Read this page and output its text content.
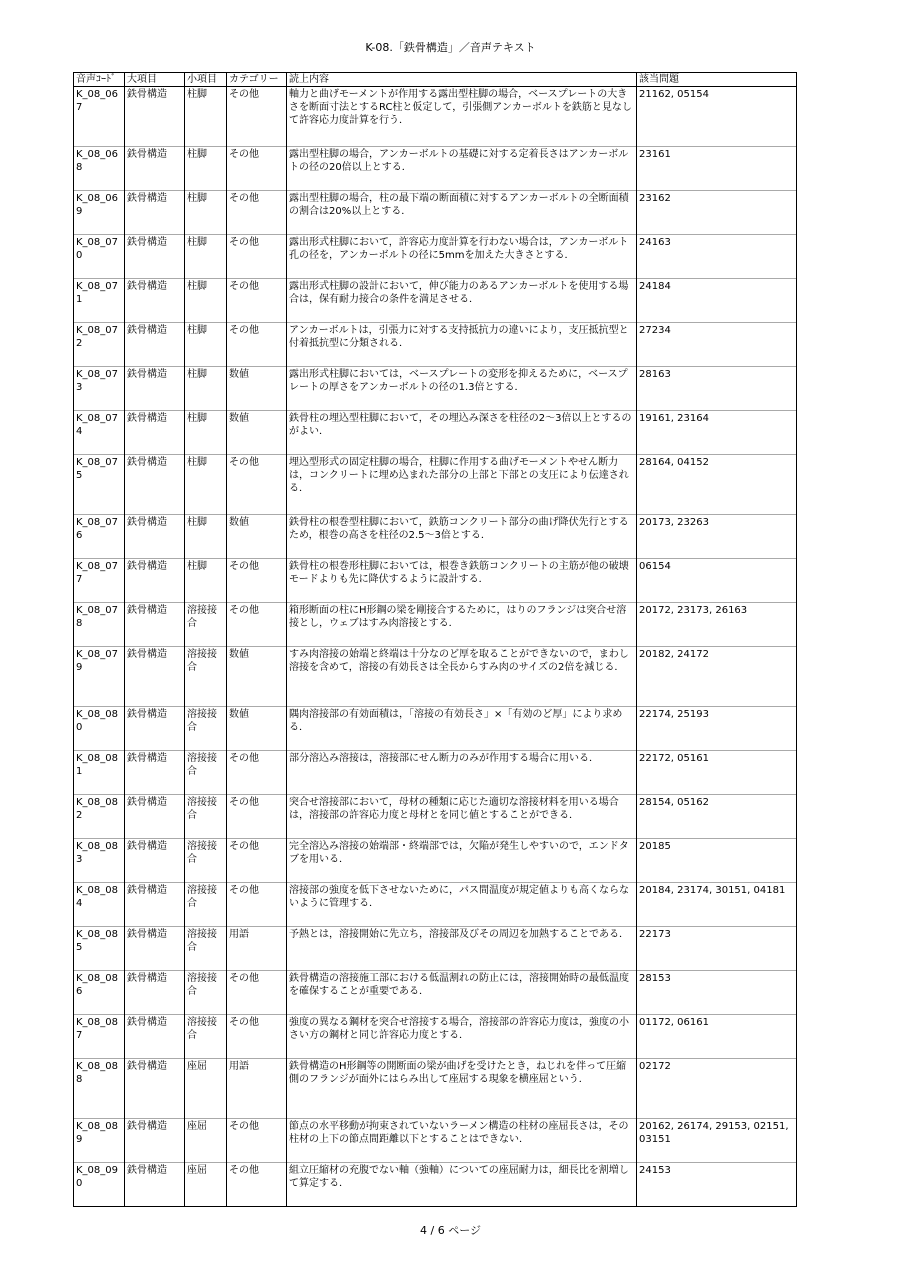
K-08.「鉄骨構造」／音声テキスト
音声ｺｰﾄﾞ	大項目	小項目	カテゴリー	読上内容	該当問題
K_08_067	鉄骨構造	柱脚	その他	軸力と曲げモーメントが作用する露出型柱脚の場合，ベースプレートの大きさを断面寸法とするRC柱と仮定して，引張側アンカーボルトを鉄筋と見なして許容応力度計算を行う．	21162, 05154
K_08_068	鉄骨構造	柱脚	その他	露出型柱脚の場合，アンカーボルトの基礎に対する定着長さはアンカーボルトの径の20倍以上とする．	23161
K_08_069	鉄骨構造	柱脚	その他	露出型柱脚の場合，柱の最下端の断面積に対するアンカーボルトの全断面積の割合は20%以上とする．	23162
K_08_070	鉄骨構造	柱脚	その他	露出形式柱脚において，許容応力度計算を行わない場合は，アンカーボルト孔の径を，アンカーボルトの径に5mmを加えた大きさとする．	24163
K_08_071	鉄骨構造	柱脚	その他	露出形式柱脚の設計において，伸び能力のあるアンカーボルトを使用する場合は，保有耐力接合の条件を満足させる．	24184
K_08_072	鉄骨構造	柱脚	その他	アンカーボルトは，引張力に対する支持抵抗力の違いにより，支圧抵抗型と付着抵抗型に分類される．	27234
K_08_073	鉄骨構造	柱脚	数値	露出形式柱脚においては，ベースプレートの変形を抑えるために，ベースプレートの厚さをアンカーボルトの径の1.3倍とする．	28163
K_08_074	鉄骨構造	柱脚	数値	鉄骨柱の埋込型柱脚において，その埋込み深さを柱径の2～3倍以上とするのがよい．	19161, 23164
K_08_075	鉄骨構造	柱脚	その他	埋込型形式の固定柱脚の場合，柱脚に作用する曲げモーメントやせん断力は，コンクリートに埋め込まれた部分の上部と下部との支圧により伝達される．	28164, 04152
K_08_076	鉄骨構造	柱脚	数値	鉄骨柱の根巻型柱脚において，鉄筋コンクリート部分の曲げ降伏先行とするため，根巻の高さを柱径の2.5～3倍とする．	20173, 23263
K_08_077	鉄骨構造	柱脚	その他	鉄骨柱の根巻形柱脚においては，根巻き鉄筋コンクリートの主筋が他の破壊モードよりも先に降伏するように設計する．	06154
K_08_078	鉄骨構造	溶接接合	その他	箱形断面の柱にH形鋼の梁を剛接合するために，はりのフランジは突合せ溶接とし，ウェブはすみ肉溶接とする．	20172, 23173, 26163
K_08_079	鉄骨構造	溶接接合	数値	すみ肉溶接の始端と終端は十分なのど厚を取ることができないので，まわし溶接を含めて，溶接の有効長さは全長からすみ肉のサイズの2倍を減じる．	20182, 24172
K_08_080	鉄骨構造	溶接接合	数値	隅肉溶接部の有効面積は，「溶接の有効長さ」×「有効のど厚」により求める．	22174, 25193
K_08_081	鉄骨構造	溶接接合	その他	部分溶込み溶接は，溶接部にせん断力のみが作用する場合に用いる．	22172, 05161
K_08_082	鉄骨構造	溶接接合	その他	突合せ溶接部において，母材の種類に応じた適切な溶接材料を用いる場合は，溶接部の許容応力度と母材とを同じ値とすることができる．	28154, 05162
K_08_083	鉄骨構造	溶接接合	その他	完全溶込み溶接の始端部・終端部では，欠陥が発生しやすいので，エンドタブを用いる．	20185
K_08_084	鉄骨構造	溶接接合	その他	溶接部の強度を低下させないために，パス間温度が規定値よりも高くならないように管理する．	20184, 23174, 30151, 04181
K_08_085	鉄骨構造	溶接接合	用語	予熱とは，溶接開始に先立ち，溶接部及びその周辺を加熱することである．	22173
K_08_086	鉄骨構造	溶接接合	その他	鉄骨構造の溶接施工部における低温割れの防止には，溶接開始時の最低温度を確保することが重要である．	28153
K_08_087	鉄骨構造	溶接接合	その他	強度の異なる鋼材を突合せ溶接する場合，溶接部の許容応力度は，強度の小さい方の鋼材と同じ許容応力度とする．	01172, 06161
K_08_088	鉄骨構造	座屈	用語	鉄骨構造のH形鋼等の開断面の梁が曲げを受けたとき，ねじれを伴って圧縮側のフランジが面外にはらみ出して座屈する現象を横座屈という．	02172
K_08_089	鉄骨構造	座屈	その他	節点の水平移動が拘束されていないラーメン構造の柱材の座屈長さは，その柱材の上下の節点間距離以下とすることはできない．	20162, 26174, 29153, 02151, 03151
K_08_090	鉄骨構造	座屈	その他	組立圧縮材の充腹でない軸（強軸）についての座屈耐力は，細長比を割増して算定する．	24153
4 / 6 ページ
